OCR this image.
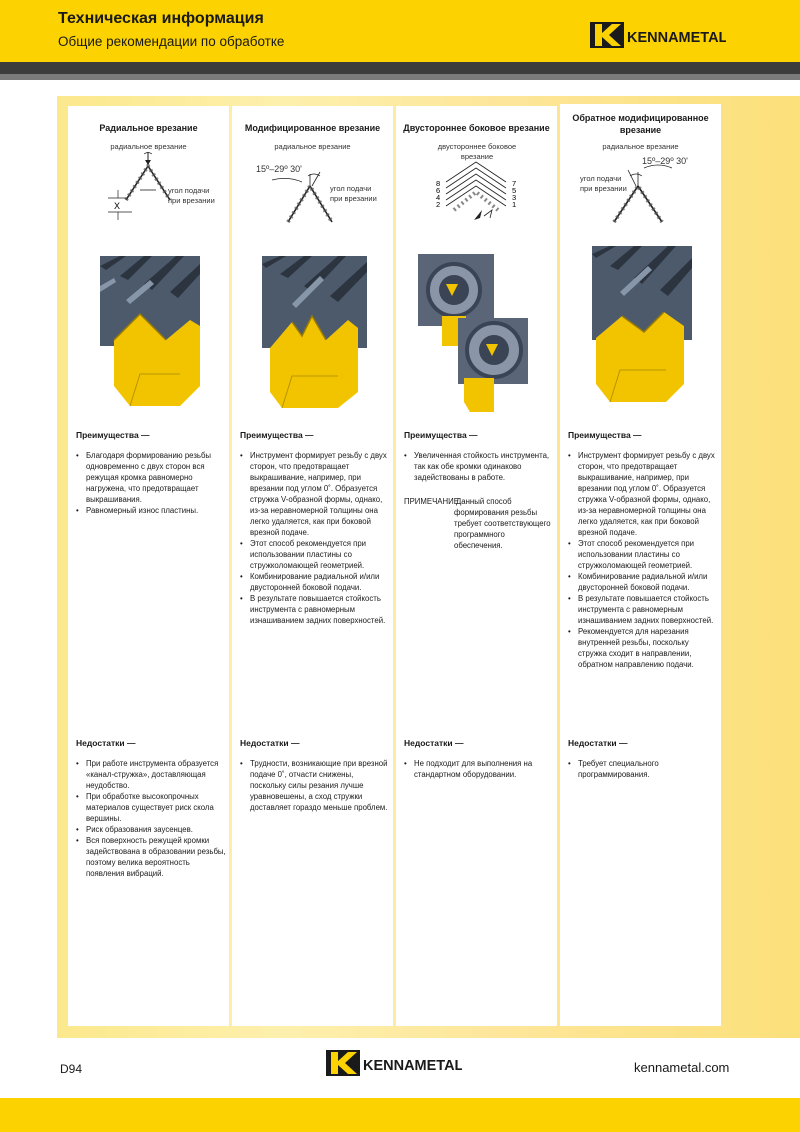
Техническая информация
Общие рекомендации по обработке	KENNAMETAL
Радиальное врезание
радиальное врезание
X
угол подачи при врезании
Преимущества —
• Благодаря формированию резьбы одновременно с двух сторон вся режущая кромка равномерно нагружена, что предотвращает выкрашивания.
• Равномерный износ пластины.
Недостатки —
• При работе инструмента образуется «канал-стружка», доставляющая неудобство.
• При обработке высокопрочных материалов существует риск скола вершины.
• Риск образования заусенцев.
• Вся поверхность режущей кромки задействована в образовании резьбы, поэтому велика вероятность появления вибраций.
Модифицированное врезание
радиальное врезание
15º–29º 30'
угол подачи при врезании
Преимущества —
• Инструмент формирует резьбу с двух сторон, что предотвращает выкрашивание, например, при врезании под углом 0˚. Образуется стружка V-образной формы, однако, из-за неравномерной толщины она легко удаляется, как при боковой врезной подаче.
• Этот способ рекомендуется при использовании пластины со стружколомающей геометрией.
• Комбинирование радиальной и/или двусторонней боковой подачи.
• В результате повышается стойкость инструмента с равномерным изнашиванием задних поверхностей.
Недостатки —
• Трудности, возникающие при врезной подаче 0˚, отчасти снижены, поскольку силы резания лучше уравновешены, а сход стружки доставляет гораздо меньше проблем.
Двустороннее боковое врезание
двустороннее боковое врезание
8
6
4
2
7
5
3
1
Преимущества —
• Увеличенная стойкость инструмента, так как обе кромки одинаково задействованы в работе.
ПРИМЕЧАНИЕ.
Данный способ формирования резьбы требует соответствующего программного обеспечения.
Недостатки —
• Не подходит для выполнения на стандартном оборудовании.
Обратное модифицированное врезание
радиальное врезание
15º–29º 30'
угол подачи при врезании
Преимущества —
• Инструмент формирует резьбу с двух сторон, что предотвращает выкрашивание, например, при врезании под углом 0˚. Образуется стружка V-образной формы, однако, из-за неравномерной толщины она легко удаляется, как при боковой врезной подаче.
• Этот способ рекомендуется при использовании пластины со стружколомающей геометрией.
• Комбинирование радиальной и/или двусторонней боковой подачи.
• В результате повышается стойкость инструмента с равномерным изнашиванием задних поверхностей.
• Рекомендуется для нарезания внутренней резьбы, поскольку стружка сходит в направлении, обратном направлению подачи.
Недостатки —
• Требует специального программирования.
D94	KENNAMETAL	kennametal.com
